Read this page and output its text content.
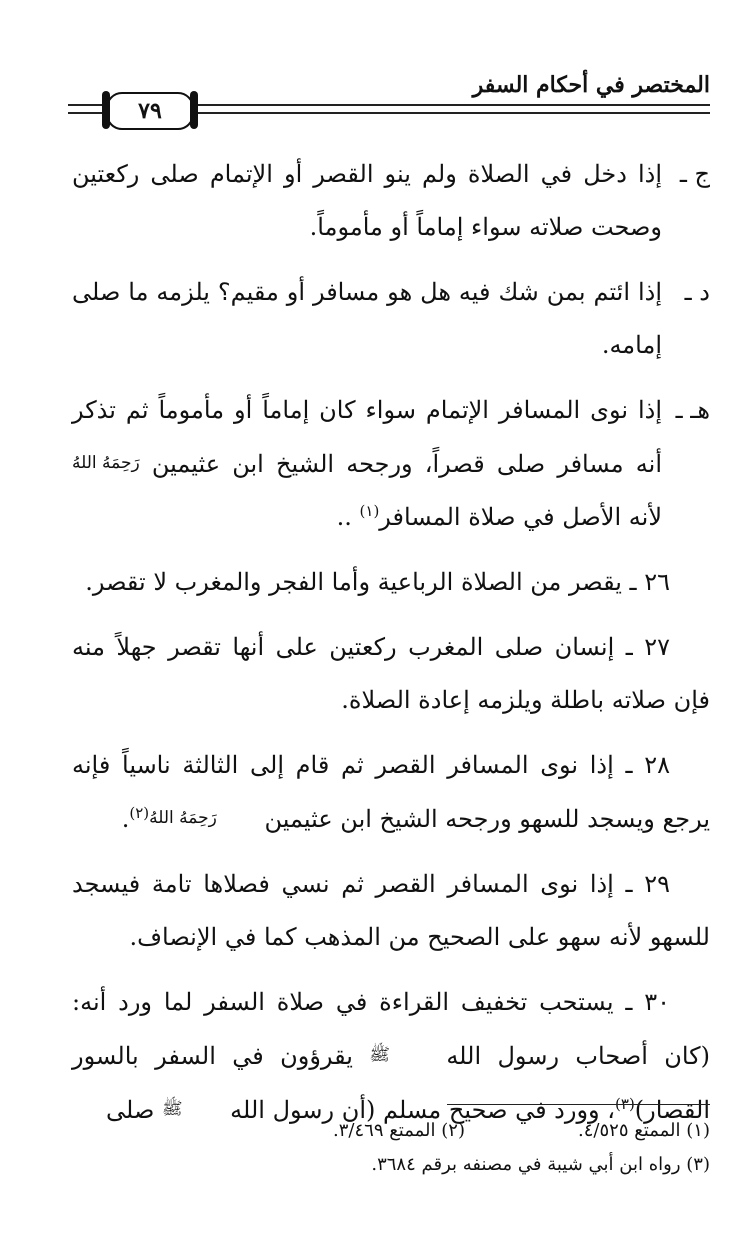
المختصر في أحكام السفر
٧٩
ج ـ
إذا دخل في الصلاة ولم ينو القصر أو الإتمام صلى ركعتين وصحت صلاته سواء إماماً أو مأموماً.
د ـ
إذا ائتم بمن شك فيه هل هو مسافر أو مقيم؟ يلزمه ما صلى إمامه.
هـ ـ
إذا نوى المسافر الإتمام سواء كان إماماً أو مأموماً ثم تذكر أنه مسافر صلى قصراً، ورجحه الشيخ ابن عثيمين رَحِمَهُ اللهُ لأنه الأصل في صلاة المسافر$^{(١)}$ ..

٢٦ ـ يقصر من الصلاة الرباعية وأما الفجر والمغرب لا تقصر.

٢٧ ـ إنسان صلى المغرب ركعتين على أنها تقصر جهلاً منه فإن صلاته باطلة ويلزمه إعادة الصلاة.

٢٨ ـ إذا نوى المسافر القصر ثم قام إلى الثالثة ناسياً فإنه يرجع ويسجد للسهو ورجحه الشيخ ابن عثيمين رَحِمَهُ اللهُ$^{(٢)}$.

٢٩ ـ إذا نوى المسافر القصر ثم نسي فصلاها تامة فيسجد للسهو لأنه سهو على الصحيح من المذهب كما في الإنصاف.

٣٠ ـ يستحب تخفيف القراءة في صلاة السفر لما ورد أنه: (كان أصحاب رسول الله ﷺ يقرؤون في السفر بالسور القصار)$^{(٣)}$، وورد في صحيح مسلم (أن رسول الله ﷺ صلى

(١) الممتع ٤/٥٢٥.
(٢) الممتع ٣/٤٦٩.
(٣) رواه ابن أبي شيبة في مصنفه برقم ٣٦٨٤.
